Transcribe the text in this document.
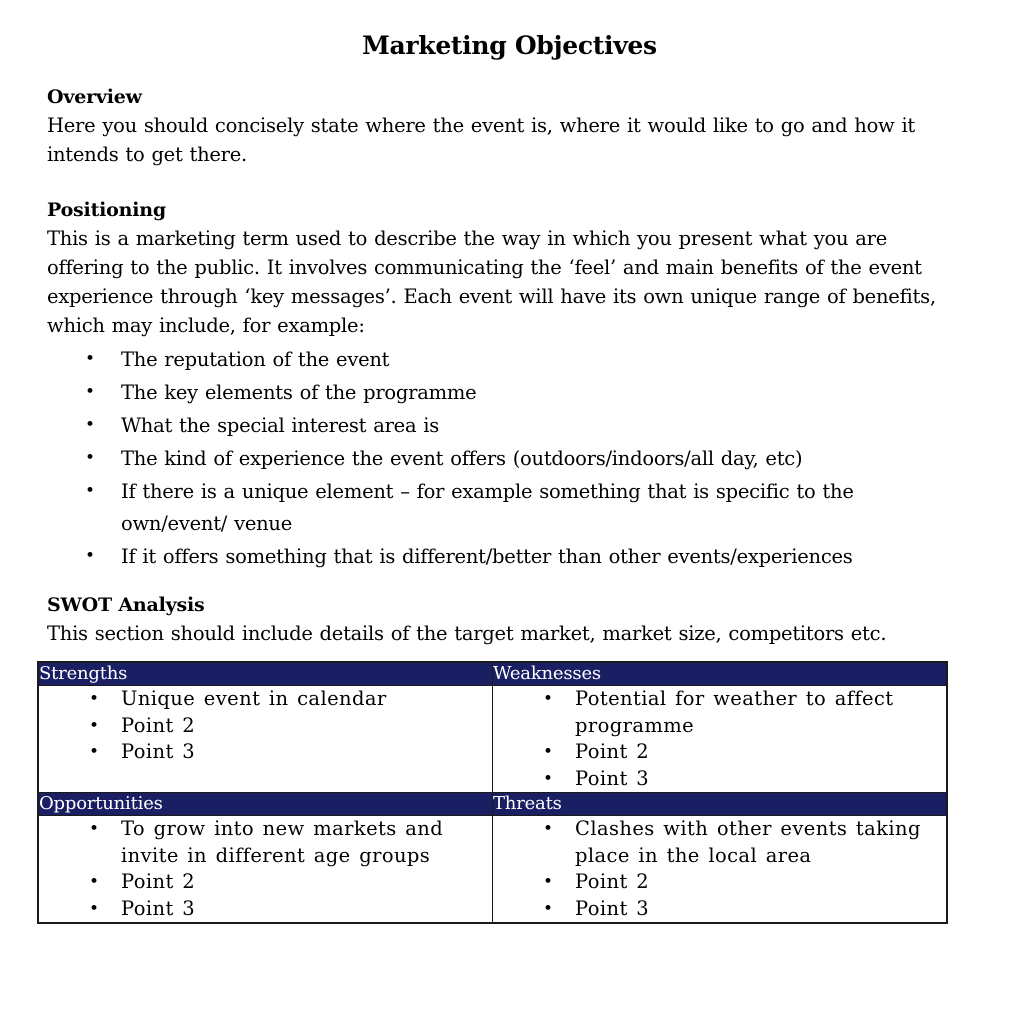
Marketing Objectives
Overview

Here you should concisely state where the event is, where it would like to go and how it intends to get there.

Positioning

This is a marketing term used to describe the way in which you present what you are offering to the public. It involves communicating the ‘feel’ and main benefits of the event experience through ‘key messages’. Each event will have its own unique range of benefits, which may include, for example:

• The reputation of the event
• The key elements of the programme
• What the special interest area is
• The kind of experience the event offers (outdoors/indoors/all day, etc)
• If there is a unique element – for example something that is specific to the own/event/ venue
• If it offers something that is different/better than other events/experiences
SWOT Analysis

This section should include details of the target market, market size, competitors etc.

Strengths	Weaknesses

• Unique event in calendar
• Point 2
• Point 3

• Potential for weather to affect programme
• Point 2
• Point 3

Opportunities	Threats

• To grow into new markets and invite in different age groups
• Point 2
• Point 3

• Clashes with other events taking place in the local area
• Point 2
• Point 3
